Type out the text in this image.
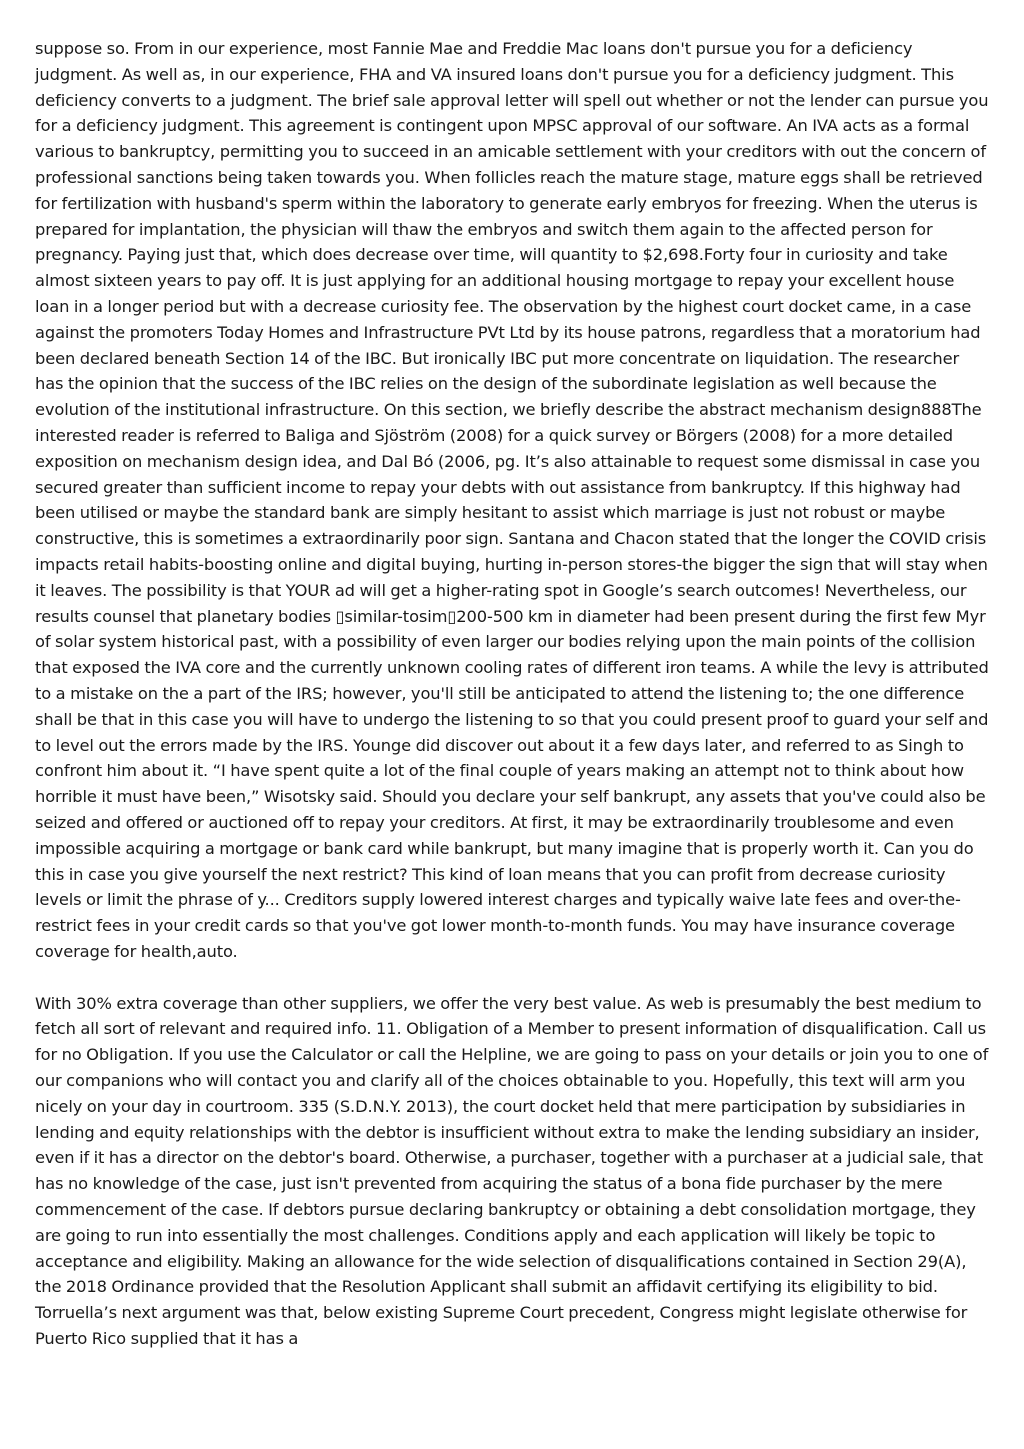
suppose so. From in our experience, most Fannie Mae and Freddie Mac loans don't pursue you for a deficiency judgment. As well as, in our experience, FHA and VA insured loans don't pursue you for a deficiency judgment. This deficiency converts to a judgment. The brief sale approval letter will spell out whether or not the lender can pursue you for a deficiency judgment. This agreement is contingent upon MPSC approval of our software. An IVA acts as a formal various to bankruptcy, permitting you to succeed in an amicable settlement with your creditors with out the concern of professional sanctions being taken towards you. When follicles reach the mature stage, mature eggs shall be retrieved for fertilization with husband's sperm within the laboratory to generate early embryos for freezing. When the uterus is prepared for implantation, the physician will thaw the embryos and switch them again to the affected person for pregnancy. Paying just that, which does decrease over time, will quantity to $2,698.Forty four in curiosity and take almost sixteen years to pay off. It is just applying for an additional housing mortgage to repay your excellent house loan in a longer period but with a decrease curiosity fee. The observation by the highest court docket came, in a case against the promoters Today Homes and Infrastructure PVt Ltd by its house patrons, regardless that a moratorium had been declared beneath Section 14 of the IBC. But ironically IBC put more concentrate on liquidation. The researcher has the opinion that the success of the IBC relies on the design of the subordinate legislation as well because the evolution of the institutional infrastructure. On this section, we briefly describe the abstract mechanism design888The interested reader is referred to Baliga and Sjöström (2008) for a quick survey or Börgers (2008) for a more detailed exposition on mechanism design idea, and Dal Bó (2006, pg. It’s also attainable to request some dismissal in case you secured greater than sufficient income to repay your debts with out assistance from bankruptcy. If this highway had been utilised or maybe the standard bank are simply hesitant to assist which marriage is just not robust or maybe constructive, this is sometimes a extraordinarily poor sign. Santana and Chacon stated that the longer the COVID crisis impacts retail habits-boosting online and digital buying, hurting in-person stores-the bigger the sign that will stay when it leaves. The possibility is that YOUR ad will get a higher-rating spot in Google’s search outcomes! Nevertheless, our results counsel that planetary bodies ▯similar-tosim▯200-500 km in diameter had been present during the first few Myr of solar system historical past, with a possibility of even larger our bodies relying upon the main points of the collision that exposed the IVA core and the currently unknown cooling rates of different iron teams. A while the levy is attributed to a mistake on the a part of the IRS; however, you'll still be anticipated to attend the listening to; the one difference shall be that in this case you will have to undergo the listening to so that you could present proof to guard your self and to level out the errors made by the IRS. Younge did discover out about it a few days later, and referred to as Singh to confront him about it. “I have spent quite a lot of the final couple of years making an attempt not to think about how horrible it must have been,” Wisotsky said. Should you declare your self bankrupt, any assets that you've could also be seized and offered or auctioned off to repay your creditors. At first, it may be extraordinarily troublesome and even impossible acquiring a mortgage or bank card while bankrupt, but many imagine that is properly worth it. Can you do this in case you give yourself the next restrict? This kind of loan means that you can profit from decrease curiosity levels or limit the phrase of y... Creditors supply lowered interest charges and typically waive late fees and over-the-restrict fees in your credit cards so that you've got lower month-to-month funds. You may have insurance coverage coverage for health,auto.

With 30% extra coverage than other suppliers, we offer the very best value. As web is presumably the best medium to fetch all sort of relevant and required info. 11. Obligation of a Member to present information of disqualification. Call us for no Obligation. If you use the Calculator or call the Helpline, we are going to pass on your details or join you to one of our companions who will contact you and clarify all of the choices obtainable to you. Hopefully, this text will arm you nicely on your day in courtroom. 335 (S.D.N.Y. 2013), the court docket held that mere participation by subsidiaries in lending and equity relationships with the debtor is insufficient without extra to make the lending subsidiary an insider, even if it has a director on the debtor's board. Otherwise, a purchaser, together with a purchaser at a judicial sale, that has no knowledge of the case, just isn't prevented from acquiring the status of a bona fide purchaser by the mere commencement of the case. If debtors pursue declaring bankruptcy or obtaining a debt consolidation mortgage, they are going to run into essentially the most challenges. Conditions apply and each application will likely be topic to acceptance and eligibility. Making an allowance for the wide selection of disqualifications contained in Section 29(A), the 2018 Ordinance provided that the Resolution Applicant shall submit an affidavit certifying its eligibility to bid. Torruella’s next argument was that, below existing Supreme Court precedent, Congress might legislate otherwise for Puerto Rico supplied that it has a
